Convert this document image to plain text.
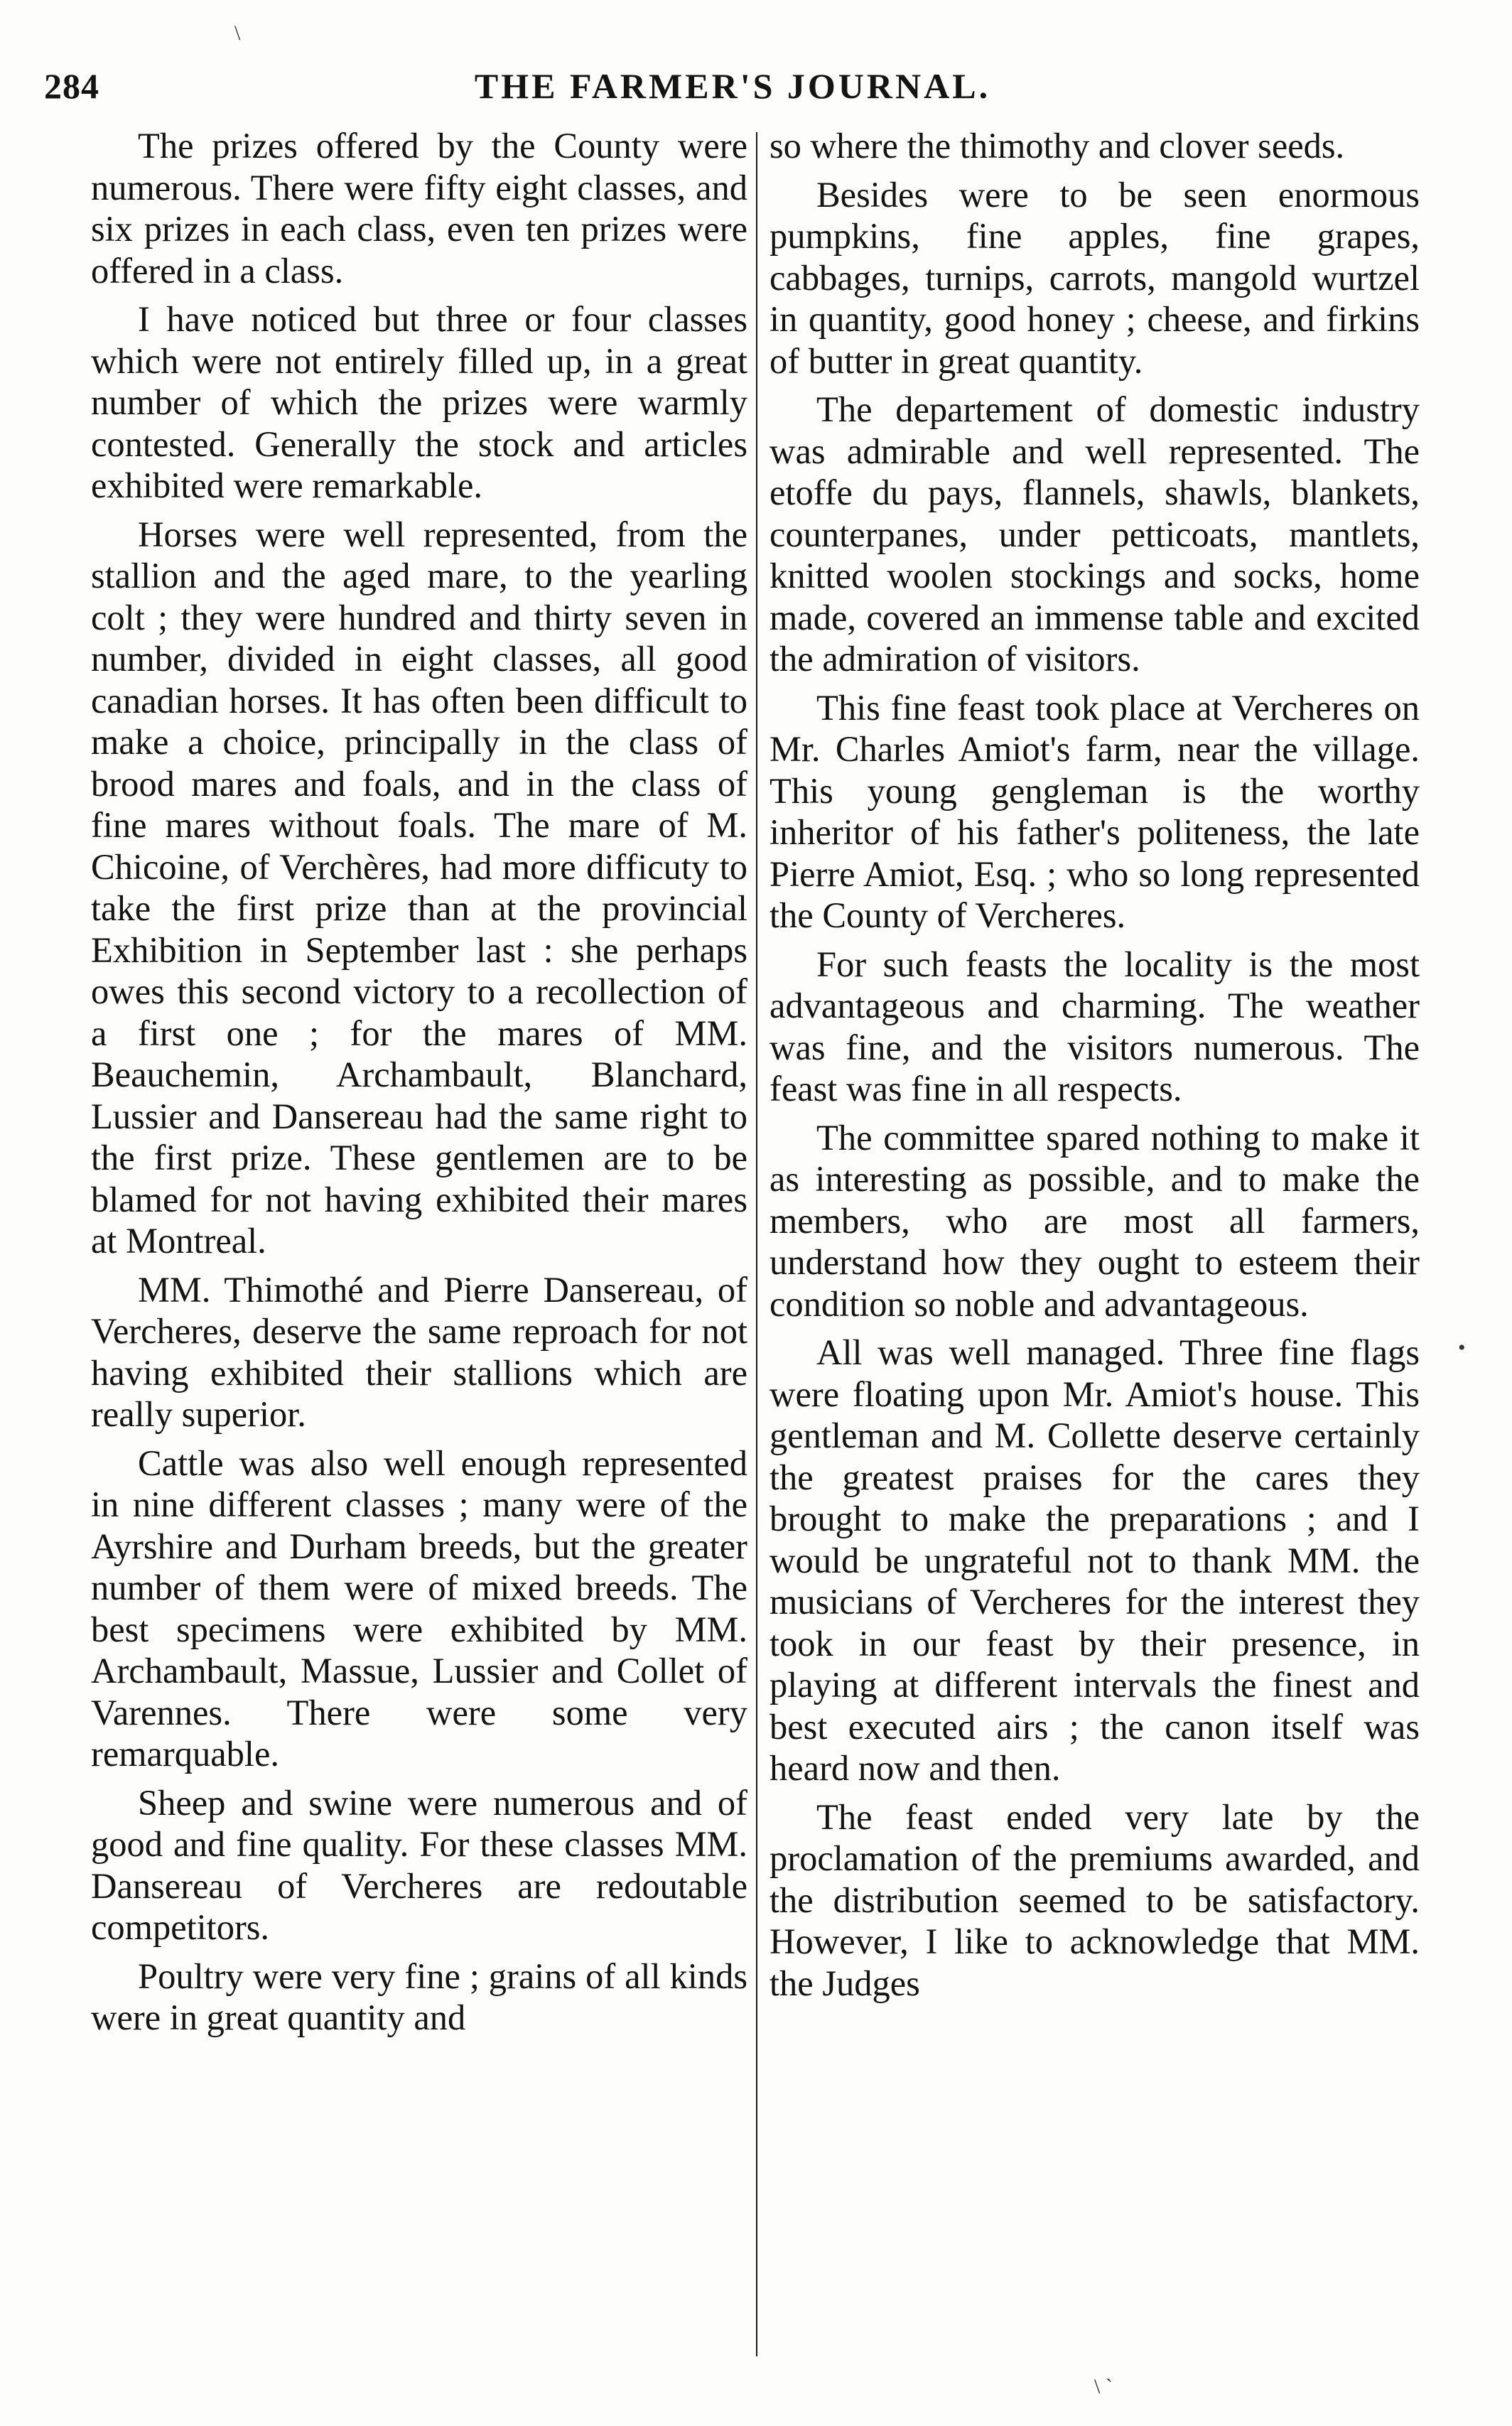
284	THE FARMER'S JOURNAL.

The prizes offered by the County were numerous. There were fifty eight classes, and six prizes in each class, even ten prizes were offered in a class.

I have noticed but three or four classes which were not entirely filled up, in a great number of which the prizes were warmly contested. Generally the stock and articles exhibited were remarkable.

Horses were well represented, from the stallion and the aged mare, to the yearling colt ; they were hundred and thirty seven in number, divided in eight classes, all good canadian horses. It has often been difficult to make a choice, principally in the class of brood mares and foals, and in the class of fine mares without foals. The mare of M. Chicoine, of Verchères, had more difficuty to take the first prize than at the provincial Exhibition in September last : she perhaps owes this second victory to a recollection of a first one ; for the mares of MM. Beauchemin, Archambault, Blanchard, Lussier and Dansereau had the same right to the first prize. These gentlemen are to be blamed for not having exhibited their mares at Montreal.

MM. Thimothé and Pierre Dansereau, of Vercheres, deserve the same reproach for not having exhibited their stallions which are really superior.

Cattle was also well enough represented in nine different classes ; many were of the Ayrshire and Durham breeds, but the greater number of them were of mixed breeds. The best specimens were exhibited by MM. Archambault, Massue, Lussier and Collet of Varennes. There were some very remarquable.

Sheep and swine were numerous and of good and fine quality. For these classes MM. Dansereau of Vercheres are redoutable competitors.

Poultry were very fine ; grains of all kinds were in great quantity and

so where the thimothy and clover seeds.

Besides were to be seen enormous pumpkins, fine apples, fine grapes, cabbages, turnips, carrots, mangold wurtzel in quantity, good honey ; cheese, and firkins of butter in great quantity.

The departement of domestic industry was admirable and well represented. The etoffe du pays, flannels, shawls, blankets, counterpanes, under petticoats, mantlets, knitted woolen stockings and socks, home made, covered an immense table and excited the admiration of visitors.

This fine feast took place at Vercheres on Mr. Charles Amiot's farm, near the village. This young gengleman is the worthy inheritor of his father's politeness, the late Pierre Amiot, Esq. ; who so long represented the County of Vercheres.

For such feasts the locality is the most advantageous and charming. The weather was fine, and the visitors numerous. The feast was fine in all respects.

The committee spared nothing to make it as interesting as possible, and to make the members, who are most all farmers, understand how they ought to esteem their condition so noble and advantageous.

All was well managed. Three fine flags were floating upon Mr. Amiot's house. This gentleman and M. Collette deserve certainly the greatest praises for the cares they brought to make the preparations ; and I would be ungrateful not to thank MM. the musicians of Vercheres for the interest they took in our feast by their presence, in playing at different intervals the finest and best executed airs ; the canon itself was heard now and then.

The feast ended very late by the proclamation of the premiums awarded, and the distribution seemed to be satisfactory. However, I like to acknowledge that MM. the Judges

\
•
\ `
